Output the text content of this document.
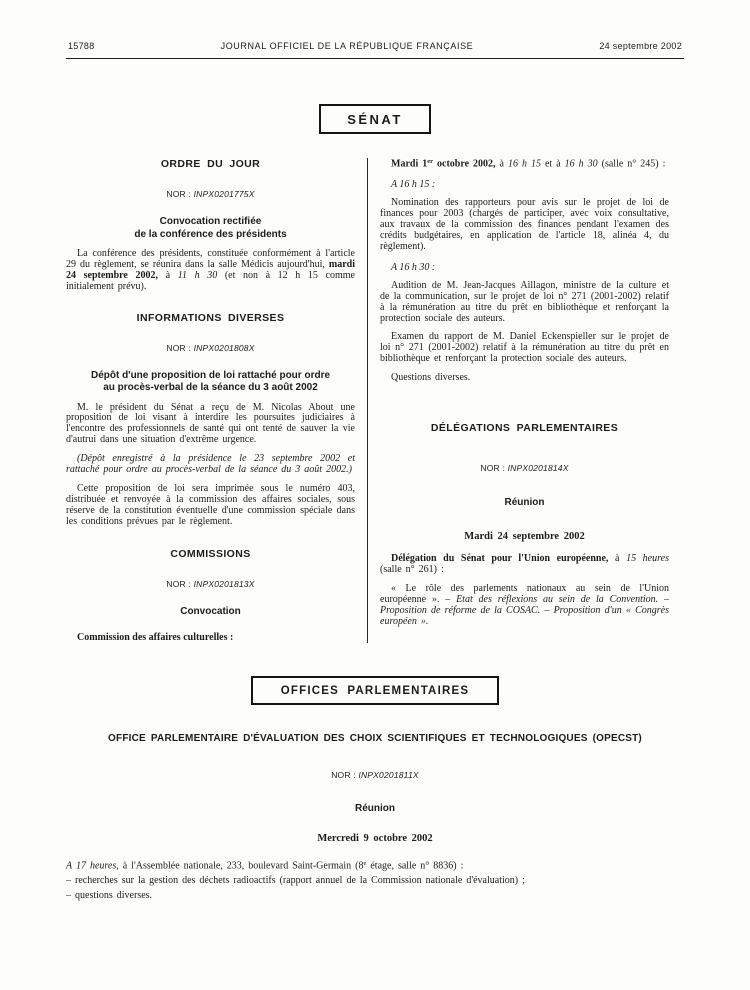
15788	JOURNAL OFFICIEL DE LA RÉPUBLIQUE FRANÇAISE	24 septembre 2002
SÉNAT
ORDRE DU JOUR
NOR : INPX0201775X
Convocation rectifiée
de la conférence des présidents

La conférence des présidents, constituée conformément à l'article 29 du règlement, se réunira dans la salle Médicis aujourd'hui, mardi 24 septembre 2002, à 11 h 30 (et non à 12 h 15 comme initialement prévu).

INFORMATIONS DIVERSES
NOR : INPX0201808X
Dépôt d'une proposition de loi rattaché pour ordre
au procès-verbal de la séance du 3 août 2002

M. le président du Sénat a reçu de M. Nicolas About une proposition de loi visant à interdire les poursuites judiciaires à l'encontre des professionnels de santé qui ont tenté de sauver la vie d'autrui dans une situation d'extrême urgence.

(Dépôt enregistré à la présidence le 23 septembre 2002 et rattaché pour ordre au procès-verbal de la séance du 3 août 2002.)

Cette proposition de loi sera imprimée sous le numéro 403, distribuée et renvoyée à la commission des affaires sociales, sous réserve de la constitution éventuelle d'une commission spéciale dans les conditions prévues par le règlement.

COMMISSIONS
NOR : INPX0201813X
Convocation

Commission des affaires culturelles :

Mardi 1er octobre 2002, à 16 h 15 et à 16 h 30 (salle n° 245) :

A 16 h 15 :

Nomination des rapporteurs pour avis sur le projet de loi de finances pour 2003 (chargés de participer, avec voix consultative, aux travaux de la commission des finances pendant l'examen des crédits budgétaires, en application de l'article 18, alinéa 4, du règlement).

A 16 h 30 :

Audition de M. Jean-Jacques Aillagon, ministre de la culture et de la communication, sur le projet de loi n° 271 (2001-2002) relatif à la rémunération au titre du prêt en bibliothèque et renforçant la protection sociale des auteurs.

Examen du rapport de M. Daniel Eckenspieller sur le projet de loi n° 271 (2001-2002) relatif à la rémunération au titre du prêt en bibliothèque et renforçant la protection sociale des auteurs.

Questions diverses.

DÉLÉGATIONS PARLEMENTAIRES
NOR : INPX0201814X
Réunion
Mardi 24 septembre 2002

Délégation du Sénat pour l'Union européenne, à 15 heures (salle n° 261) :

« Le rôle des parlements nationaux au sein de l'Union européenne ». – Etat des réflexions au sein de la Convention. – Proposition de réforme de la COSAC. – Proposition d'un « Congrès européen ».

OFFICES PARLEMENTAIRES
OFFICE PARLEMENTAIRE D'ÉVALUATION DES CHOIX SCIENTIFIQUES ET TECHNOLOGIQUES (OPECST)
NOR : INPX0201811X
Réunion
Mercredi 9 octobre 2002

A 17 heures, à l'Assemblée nationale, 233, boulevard Saint-Germain (8e étage, salle n° 8836) :

– recherches sur la gestion des déchets radioactifs (rapport annuel de la Commission nationale d'évaluation) ;

– questions diverses.
